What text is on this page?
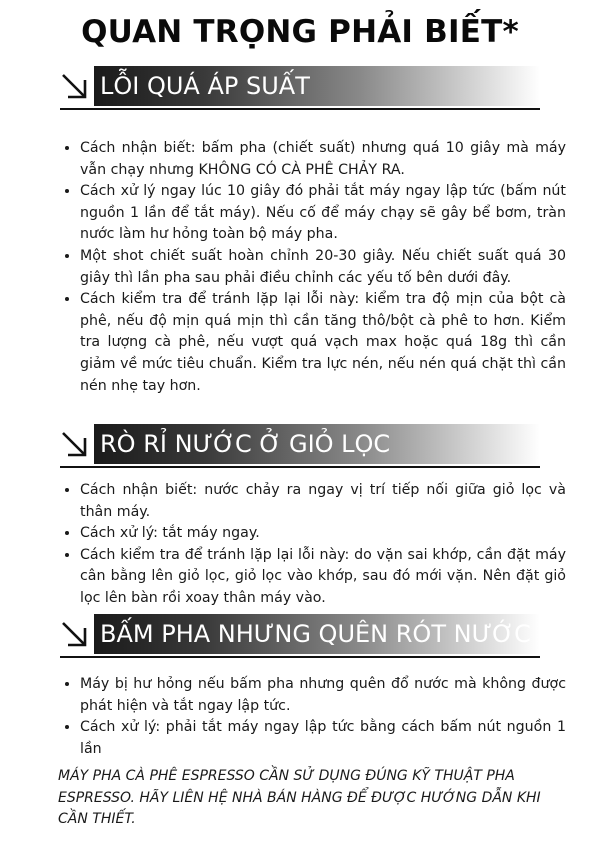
QUAN TRỌNG PHẢI BIẾT*
LỖI QUÁ ÁP SUẤT
• Cách nhận biết: bấm pha (chiết suất) nhưng quá 10 giây mà máy vẫn chạy nhưng KHÔNG CÓ CÀ PHÊ CHẢY RA.
• Cách xử lý ngay lúc 10 giây đó phải tắt máy ngay lập tức (bấm nút nguồn 1 lần để tắt máy). Nếu cố để máy chạy sẽ gây bể bơm, tràn nước làm hư hỏng toàn bộ máy pha.
• Một shot chiết suất hoàn chỉnh 20-30 giây. Nếu chiết suất quá 30 giây thì lần pha sau phải điều chỉnh các yếu tố bên dưới đây.
• Cách kiểm tra để tránh lặp lại lỗi này: kiểm tra độ mịn của bột cà phê, nếu độ mịn quá mịn thì cần tăng thô/bột cà phê to hơn. Kiểm tra lượng cà phê, nếu vượt quá vạch max hoặc quá 18g thì cần giảm về mức tiêu chuẩn. Kiểm tra lực nén, nếu nén quá chặt thì cần nén nhẹ tay hơn.
RÒ RỈ NƯỚC Ở GIỎ LỌC
• Cách nhận biết: nước chảy ra ngay vị trí tiếp nối giữa giỏ lọc và thân máy.
• Cách xử lý: tắt máy ngay.
• Cách kiểm tra để tránh lặp lại lỗi này: do vặn sai khớp, cần đặt máy cân bằng lên giỏ lọc, giỏ lọc vào khớp, sau đó mới vặn. Nên đặt giỏ lọc lên bàn rồi xoay thân máy vào.
BẤM PHA NHƯNG QUÊN RÓT NƯỚC
• Máy bị hư hỏng nếu bấm pha nhưng quên đổ nước mà không được phát hiện và tắt ngay lập tức.
• Cách xử lý: phải tắt máy ngay lập tức bằng cách bấm nút nguồn 1 lần
MÁY PHA CÀ PHÊ ESPRESSO CẦN SỬ DỤNG ĐÚNG KỸ THUẬT PHA ESPRESSO. HÃY LIÊN HỆ NHÀ BÁN HÀNG ĐỂ ĐƯỢC HƯỚNG DẪN KHI CẦN THIẾT.
